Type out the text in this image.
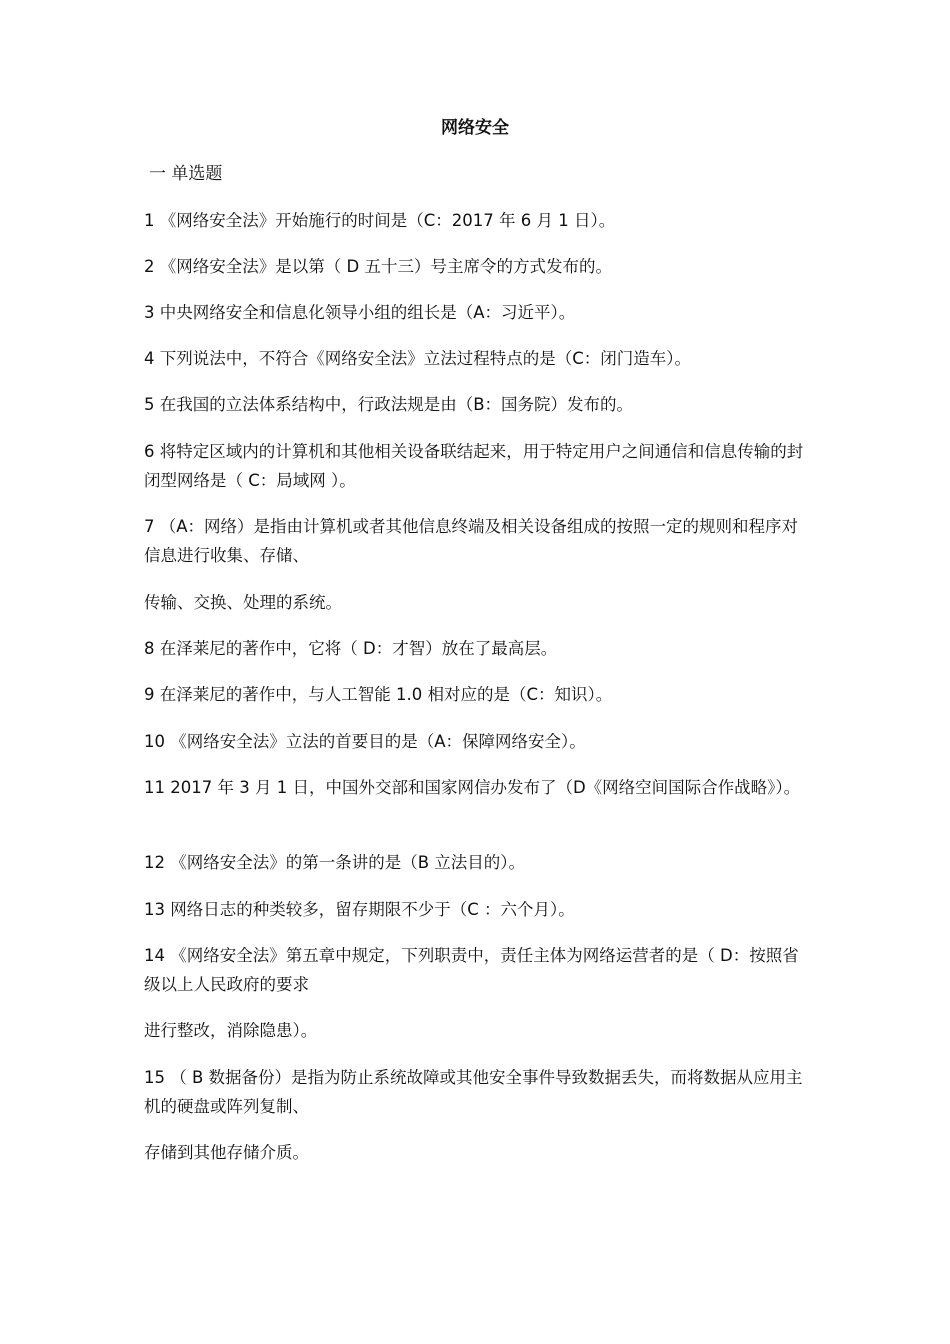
网络安全
一 单选题
1 《网络安全法》开始施行的时间是（C：2017 年 6 月 1 日）。
2 《网络安全法》是以第（ D 五十三）号主席令的方式发布的。
3 中央网络安全和信息化领导小组的组长是（A：习近平）。
4 下列说法中，不符合《网络安全法》立法过程特点的是（C：闭门造车）。
5 在我国的立法体系结构中，行政法规是由（B：国务院）发布的。
6 将特定区域内的计算机和其他相关设备联结起来，用于特定用户之间通信和信息传输的封闭型网络是（ C：局域网 ）。
7 （A：网络）是指由计算机或者其他信息终端及相关设备组成的按照一定的规则和程序对信息进行收集、存储、
传输、交换、处理的系统。
8 在泽莱尼的著作中，它将（ D：才智）放在了最高层。
9 在泽莱尼的著作中，与人工智能 1.0 相对应的是（C：知识）。
10 《网络安全法》立法的首要目的是（A：保障网络安全）。
11 2017 年 3 月 1 日，中国外交部和国家网信办发布了（D《网络空间国际合作战略》）。
12 《网络安全法》的第一条讲的是（B 立法目的）。
13 网络日志的种类较多，留存期限不少于（C ：六个月）。
14 《网络安全法》第五章中规定，下列职责中，责任主体为网络运营者的是（ D：按照省级以上人民政府的要求
进行整改，消除隐患）。
15 （ B 数据备份）是指为防止系统故障或其他安全事件导致数据丢失，而将数据从应用主机的硬盘或阵列复制、
存储到其他存储介质。
